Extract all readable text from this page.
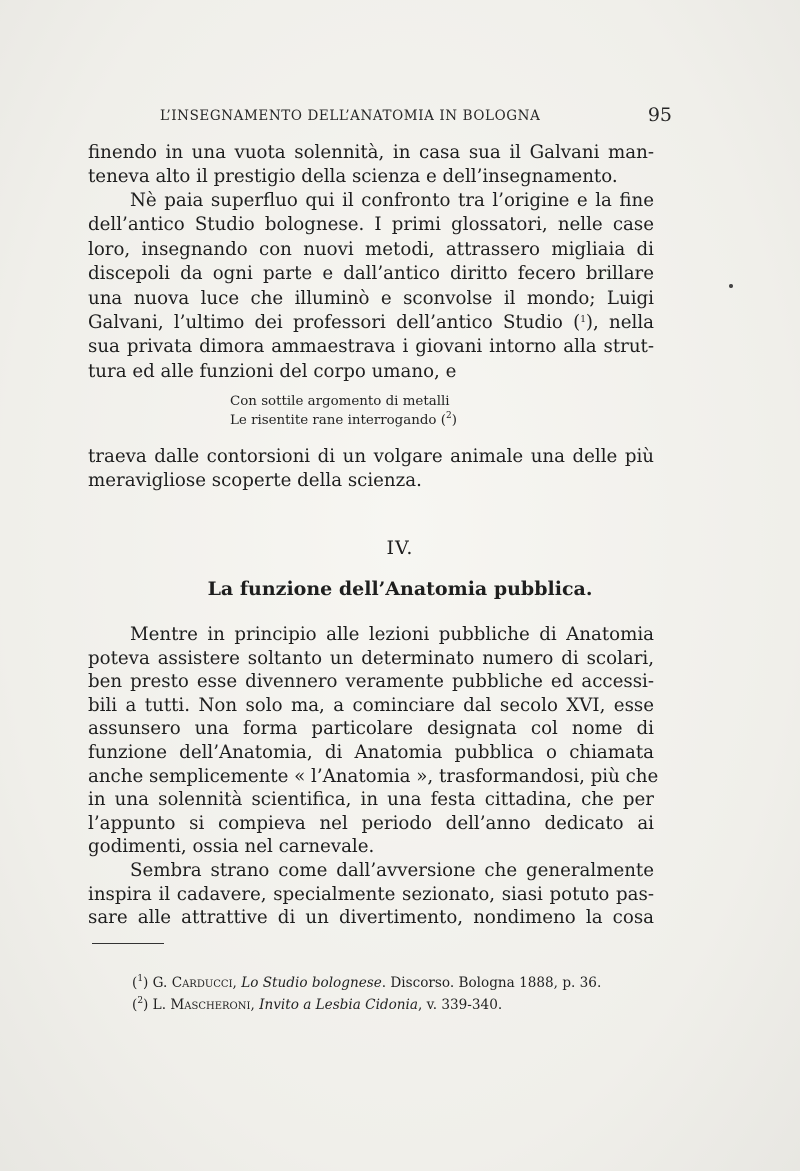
L’INSEGNAMENTO DELL’ANATOMIA IN BOLOGNA	95
finendo in una vuota solennità, in casa sua il Galvani man-
teneva alto il prestigio della scienza e dell’insegnamento.
Nè paia superfluo qui il confronto tra l’origine e la fine
dell’antico Studio bolognese. I primi glossatori, nelle case
loro, insegnando con nuovi metodi, attrassero migliaia di
discepoli da ogni parte e dall’antico diritto fecero brillare
una nuova luce che illuminò e sconvolse il mondo; Luigi
Galvani, l’ultimo dei professori dell’antico Studio ($^1$), nella
sua privata dimora ammaestrava i giovani intorno alla strut-
tura ed alle funzioni del corpo umano, e
Con sottile argomento di metalli
Le risentite rane interrogando ($^2$)
traeva dalle contorsioni di un volgare animale una delle più
meravigliose scoperte della scienza.
IV.
La funzione dell’Anatomia pubblica.
Mentre in principio alle lezioni pubbliche di Anatomia
poteva assistere soltanto un determinato numero di scolari,
ben presto esse divennero veramente pubbliche ed accessi-
bili a tutti. Non solo ma, a cominciare dal secolo XVI, esse
assunsero una forma particolare designata col nome di
funzione dell’Anatomia, di Anatomia pubblica o chiamata
anche semplicemente « l’Anatomia », trasformandosi, più che
in una solennità scientifica, in una festa cittadina, che per
l’appunto si compieva nel periodo dell’anno dedicato ai
godimenti, ossia nel carnevale.
Sembra strano come dall’avversione che generalmente
inspira il cadavere, specialmente sezionato, siasi potuto pas-
sare alle attrattive di un divertimento, nondimeno la cosa
($^1$) G. Carducci, Lo Studio bolognese. Discorso. Bologna 1888, p. 36.
($^2$) L. Mascheroni, Invito a Lesbia Cidonia, v. 339-340.
